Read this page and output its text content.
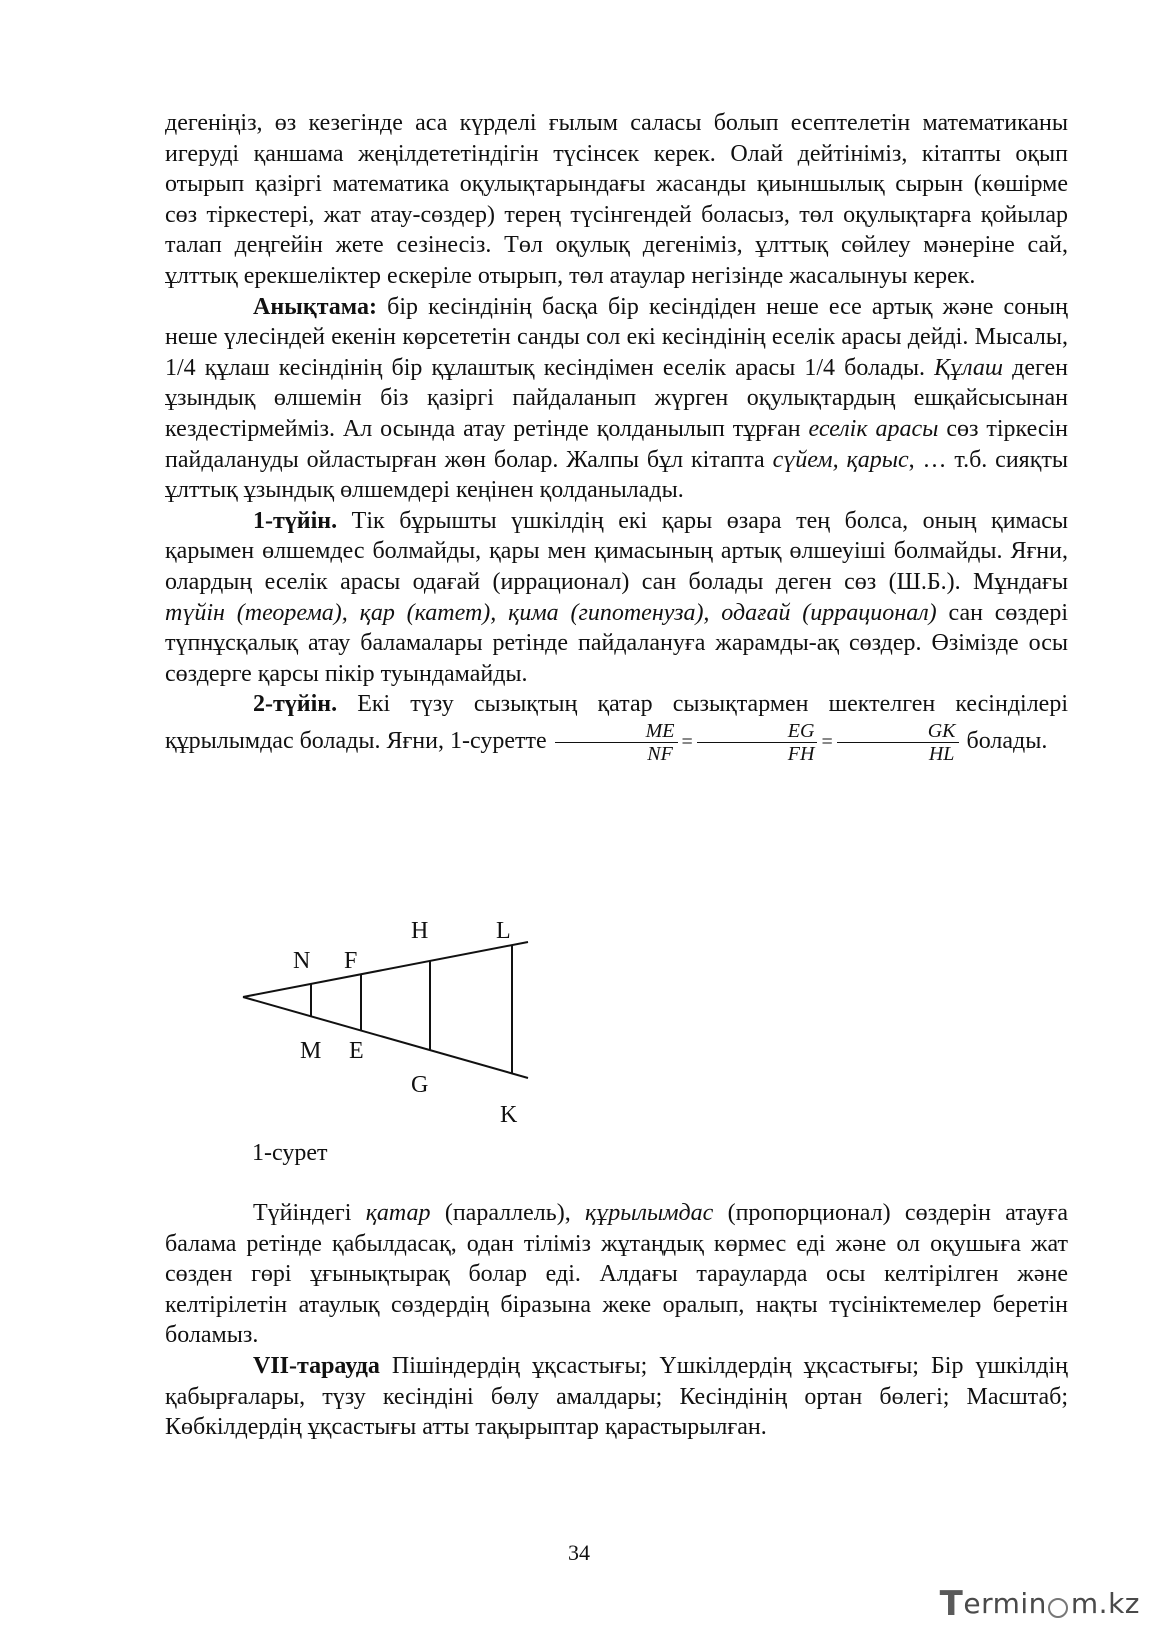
дегеніңіз, өз кезегінде аса күрделі ғылым саласы болып есептелетін математиканы игеруді қаншама жеңілдететіндігін түсінсек керек. Олай дейтініміз, кітапты оқып отырып қазіргі математика оқулықтарындағы жасанды қиыншылық сырын (көшірме сөз тіркестері, жат атау-сөздер) терең түсінгендей боласыз, төл оқулықтарға қойылар талап деңгейін жете сезінесіз. Төл оқулық дегеніміз, ұлттық сөйлеу мәнеріне сай, ұлттық ерекшеліктер ескеріле отырып, төл атаулар негізінде жасалынуы керек.

Анықтама: бір кесіндінің басқа бір кесіндіден неше есе артық және соның неше үлесіндей екенін көрсететін санды сол екі кесіндінің еселік арасы дейді. Мысалы, 1/4 құлаш кесіндінің бір құлаштық кесіндімен еселік арасы 1/4 болады. Құлаш деген ұзындық өлшемін біз қазіргі пайдаланып жүрген оқулықтардың ешқайсысынан кездестірмейміз. Ал осында атау ретінде қолданылып тұрған еселік арасы сөз тіркесін пайдалануды ойластырған жөн болар. Жалпы бұл кітапта сүйем, қарыс, … т.б. сияқты ұлттық ұзындық өлшемдері кеңінен қолданылады.

1-түйін. Тік бұрышты үшкілдің екі қары өзара тең болса, оның қимасы қарымен өлшемдес болмайды, қары мен қимасының артық өлшеуіші болмайды. Яғни, олардың еселік арасы одағай (иррационал) сан болады деген сөз (Ш.Б.). Мұндағы түйін (теорема), қар (катет), қима (гипотенуза), одағай (иррационал) сан сөздері түпнұсқалық атау баламалары ретінде пайдалануға жарамды-ақ сөздер. Өзімізде осы сөздерге қарсы пікір туындамайды.

2-түйін. Екі түзу сызықтың қатар сызықтармен шектелген кесінділері құрылымдас болады. Яғни, 1-суретте $\frac{ME}{NF} = \frac{EG}{FH} = \frac{GK}{HL}$ болады.

N F
H	L
M E
G
K
1-сурет

Түйіндегі қатар (параллель), құрылымдас (пропорционал) сөздерін атауға балама ретінде қабылдасақ, одан тіліміз жұтаңдық көрмес еді және ол оқушыға жат сөзден гөрі ұғынықтырақ болар еді. Алдағы тарауларда осы келтірілген және келтірілетін атаулық сөздердің біразына жеке оралып, нақты түсініктемелер беретін боламыз.

VII-тарауда Пішіндердің ұқсастығы; Үшкілдердің ұқсастығы; Бір үшкілдің қабырғалары, түзу кесіндіні бөлу амалдары; Кесіндінің ортан бөлегі; Масштаб; Көбкілдердің ұқсастығы атты тақырыптар қарастырылған.

34
T ermin m.kz
